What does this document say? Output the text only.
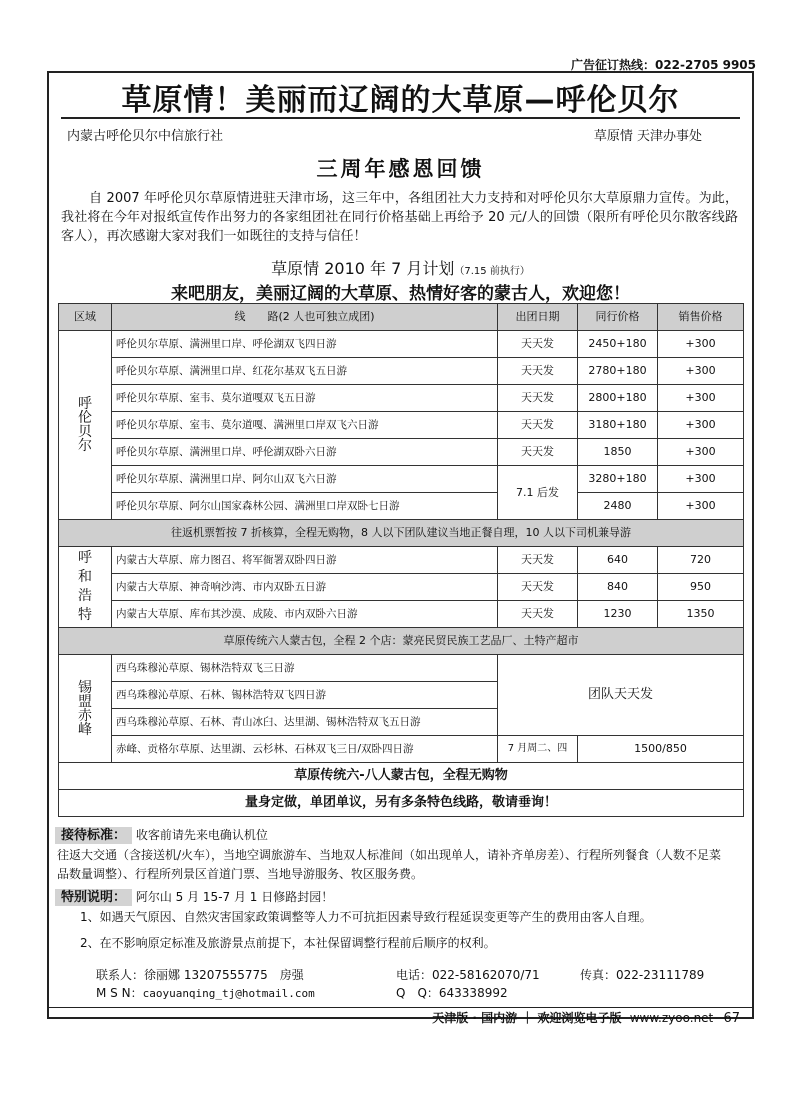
广告征订热线：022-2705 9905
草原情！美丽而辽阔的大草原—呼伦贝尔
内蒙古呼伦贝尔中信旅行社	草原情 天津办事处
三周年感恩回馈
自 2007 年呼伦贝尔草原情进驻天津市场，这三年中，各组团社大力支持和对呼伦贝尔大草原鼎力宣传。为此，我社将在今年对报纸宣传作出努力的各家组团社在同行价格基础上再给予 20 元/人的回馈（限所有呼伦贝尔散客线路客人），再次感谢大家对我们一如既往的支持与信任！
草原情 2010 年 7 月计划（7.15 前执行）
来吧朋友，美丽辽阔的大草原、热情好客的蒙古人，欢迎您！
区域	线　　路(2 人也可独立成团)	出团日期	同行价格	销售价格

呼
伦
贝
尔	呼伦贝尔草原、满洲里口岸、呼伦湖双飞四日游	天天发	2450+180	+300
	呼伦贝尔草原、满洲里口岸、红花尔基双飞五日游	天天发	2780+180	+300
	呼伦贝尔草原、室韦、莫尔道嘎双飞五日游	天天发	2800+180	+300
	呼伦贝尔草原、室韦、莫尔道嘎、满洲里口岸双飞六日游	天天发	3180+180	+300
	呼伦贝尔草原、满洲里口岸、呼伦湖双卧六日游	天天发	1850	+300
	呼伦贝尔草原、满洲里口岸、阿尔山双飞六日游	7.1 后发	3280+180	+300
	呼伦贝尔草原、阿尔山国家森林公园、满洲里口岸双卧七日游		2480	+300
往返机票暂按 7 折核算，全程无购物，8 人以下团队建议当地正餐自理，10 人以下司机兼导游				

呼
和
浩
特	内蒙古大草原、席力图召、将军衙署双卧四日游	天天发	640	720
	内蒙古大草原、神奇响沙湾、市内双卧五日游	天天发	840	950
	内蒙古大草原、库布其沙漠、成陵、市内双卧六日游	天天发	1230	1350
草原传统六人蒙古包，全程 2 个店：蒙亮民贸民族工艺品厂、土特产超市				

锡
盟
赤
峰	西乌珠穆沁草原、锡林浩特双飞三日游	团队天天发		
	西乌珠穆沁草原、石林、锡林浩特双飞四日游			
	西乌珠穆沁草原、石林、青山冰臼、达里湖、锡林浩特双飞五日游			
	赤峰、贡格尔草原、达里湖、云杉林、石林双飞三日/双卧四日游	7 月周二、四	1500/850	
草原传统六-八人蒙古包，全程无购物				
量身定做，单团单议，另有多条特色线路，敬请垂询！				
接待标准： 收客前请先来电确认机位
往返大交通（含接送机/火车），当地空调旅游车、当地双人标准间（如出现单人，请补齐单房差）、行程所列餐食（人数不足菜品数量调整）、行程所列景区首道门票、当地导游服务、牧区服务费。
特别说明： 阿尔山 5 月 15-7 月 1 日修路封园！
1、如遇天气原因、自然灾害国家政策调整等人力不可抗拒因素导致行程延误变更等产生的费用由客人自理。
2、在不影响原定标准及旅游景点前提下，本社保留调整行程前后顺序的权利。
联系人：徐丽娜 13207555775　房强	电话：022-58162070/71	传真：022-23111789
M S N：caoyuanqing_tj@hotmail.com	Q　Q：643338992
天津版 · 国内游 ｜ 欢迎浏览电子版 www.zyoo.net 67
